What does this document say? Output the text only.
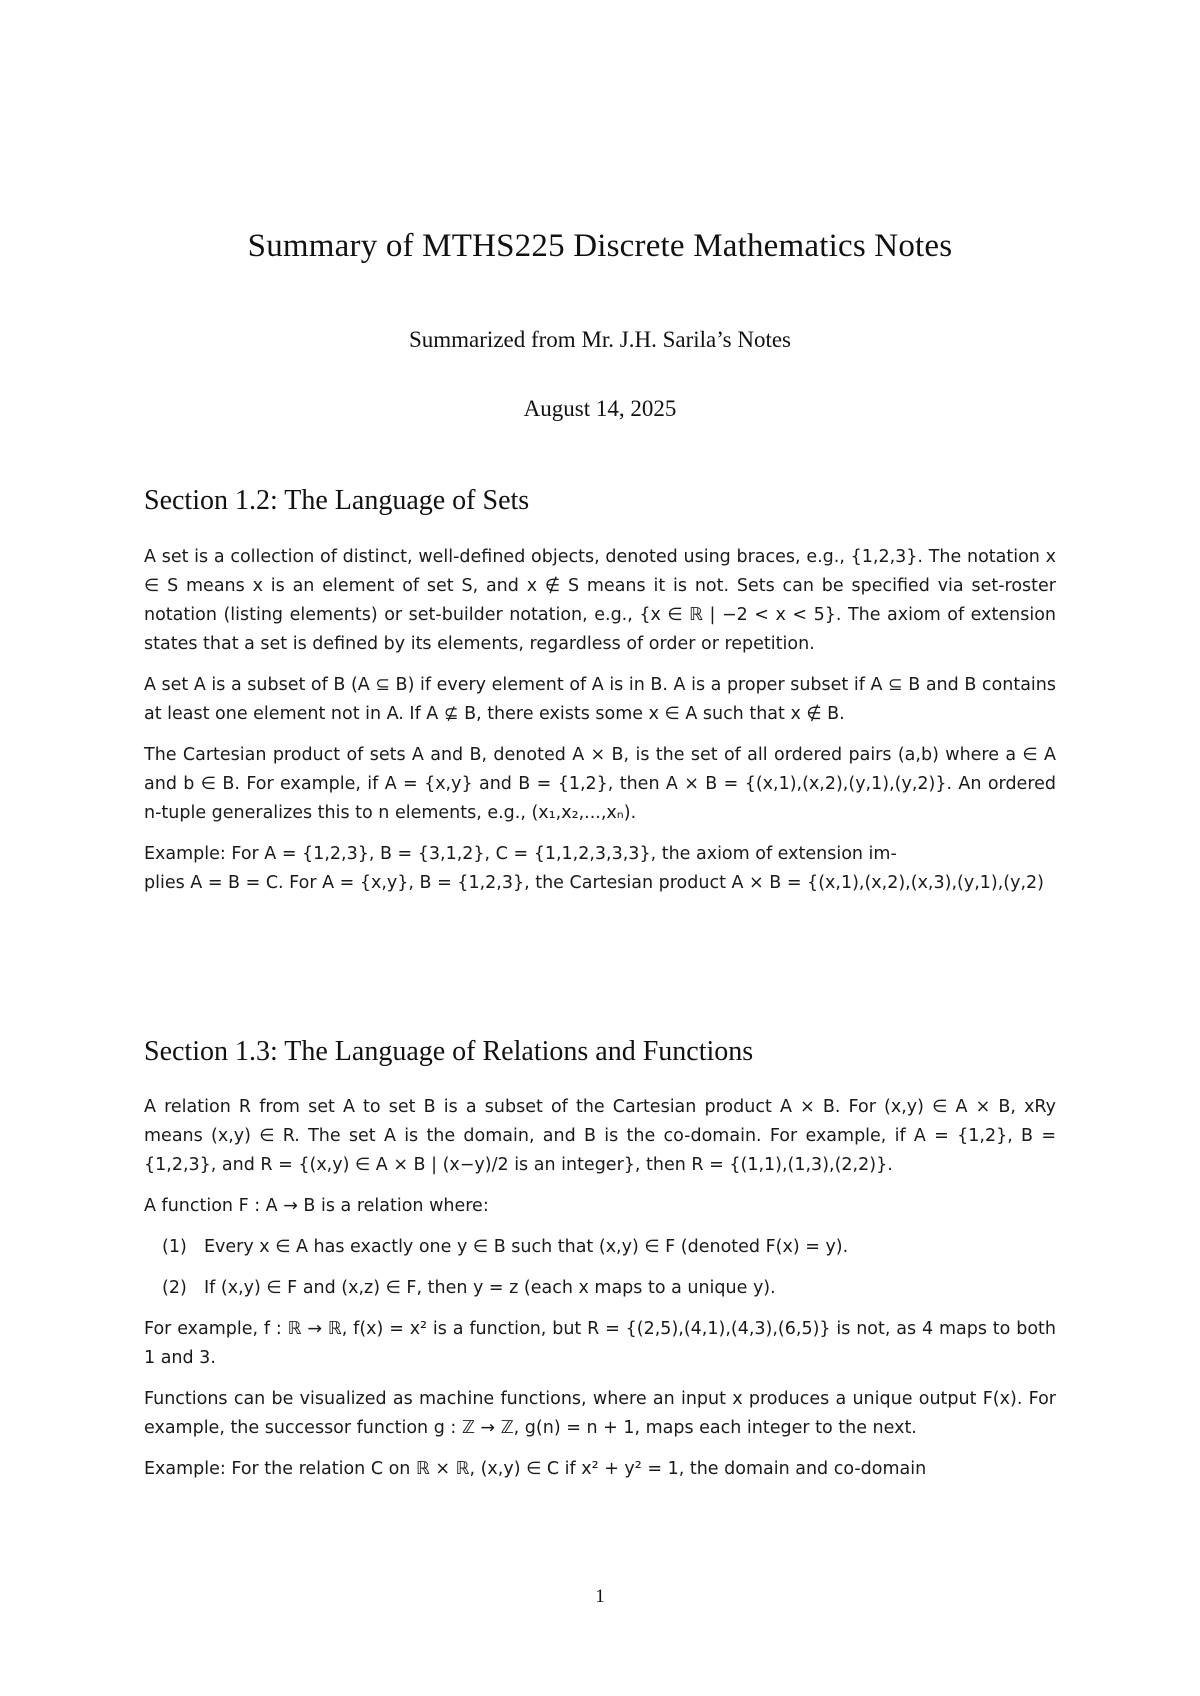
Summary of MTHS225 Discrete Mathematics Notes
Summarized from Mr. J.H. Sarila’s Notes
August 14, 2025
Section 1.2: The Language of Sets

A set is a collection of distinct, well-defined objects, denoted using braces, e.g., {1,2,3}. The notation x ∈ S means x is an element of set S, and x ∉ S means it is not. Sets can be specified via set-roster notation (listing elements) or set-builder notation, e.g., {x ∈ ℝ | −2 < x < 5}. The axiom of extension states that a set is defined by its elements, regardless of order or repetition.

A set A is a subset of B (A ⊆ B) if every element of A is in B. A is a proper subset if A ⊆ B and B contains at least one element not in A. If A ⊈ B, there exists some x ∈ A such that x ∉ B.

The Cartesian product of sets A and B, denoted A × B, is the set of all ordered pairs (a,b) where a ∈ A and b ∈ B. For example, if A = {x,y} and B = {1,2}, then A × B = {(x,1),(x,2),(y,1),(y,2)}. An ordered n-tuple generalizes this to n elements, e.g., (x₁,x₂,...,xₙ).

Example: For A = {1,2,3}, B = {3,1,2}, C = {1,1,2,3,3,3}, the axiom of extension im-

plies A = B = C. For A = {x,y}, B = {1,2,3}, the Cartesian product A × B = {(x,1),(x,2),(x,3),(y,1),(y,2)

Section 1.3: The Language of Relations and Functions

A relation R from set A to set B is a subset of the Cartesian product A × B. For (x,y) ∈ A × B, xRy means (x,y) ∈ R. The set A is the domain, and B is the co-domain. For example, if A = {1,2}, B = {1,2,3}, and R = {(x,y) ∈ A × B | (x−y)/2 is an integer}, then R = {(1,1),(1,3),(2,2)}.

A function F : A → B is a relation where:

(1) Every x ∈ A has exactly one y ∈ B such that (x,y) ∈ F (denoted F(x) = y).
(2) If (x,y) ∈ F and (x,z) ∈ F, then y = z (each x maps to a unique y).

For example, f : ℝ → ℝ, f(x) = x² is a function, but R = {(2,5),(4,1),(4,3),(6,5)} is not, as 4 maps to both 1 and 3.

Functions can be visualized as machine functions, where an input x produces a unique output F(x). For example, the successor function g : ℤ → ℤ, g(n) = n + 1, maps each integer to the next.

Example: For the relation C on ℝ × ℝ, (x,y) ∈ C if x² + y² = 1, the domain and co-domain

1
